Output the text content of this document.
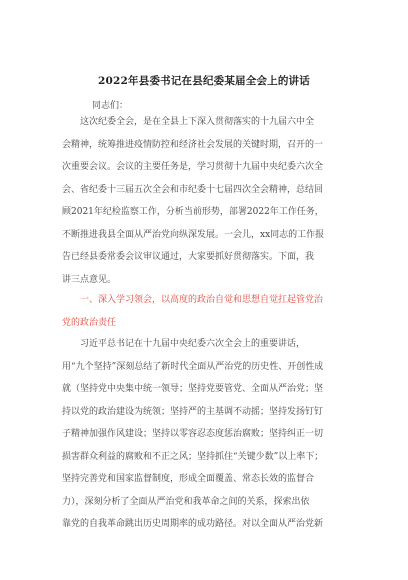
2022年县委书记在县纪委某届全会上的讲话
同志们：
这次纪委全会，是在全县上下深入贯彻落实的十九届六中全
会精神，统筹推进疫情防控和经济社会发展的关键时期，召开的一
次重要会议。会议的主要任务是，学习贯彻十九届中央纪委六次全
会、省纪委十三届五次全会和市纪委十七届四次全会精神，总结回
顾2021年纪检监察工作，分析当前形势，部署2022年工作任务，
不断推进我县全面从严治党向纵深发展。一会儿，xx同志的工作报
告已经县委常委会议审议通过，大家要抓好贯彻落实。下面，我
讲三点意见。
一、深入学习领会，以高度的政治自觉和思想自觉扛起管党治
党的政治责任
习近平总书记在十九届中央纪委六次全会上的重要讲话，
用“九个坚持”深刻总结了新时代全面从严治党的历史性、开创性成
就（坚持党中央集中统一领导；坚持党要管党、全面从严治党；坚
持以党的政治建设为统领；坚持严的主基调不动摇；坚持发扬钉钉
子精神加强作风建设；坚持以零容忍态度惩治腐败；坚持纠正一切
损害群众利益的腐败和不正之风；坚持抓住“关键少数”以上率下；
坚持完善党和国家监督制度，形成全面覆盖、常态长效的监督合
力），深刻分析了全面从严治党和我革命之间的关系，探索出依
靠党的自我革命跳出历史周期率的成功路径。对以全面从严治党新
